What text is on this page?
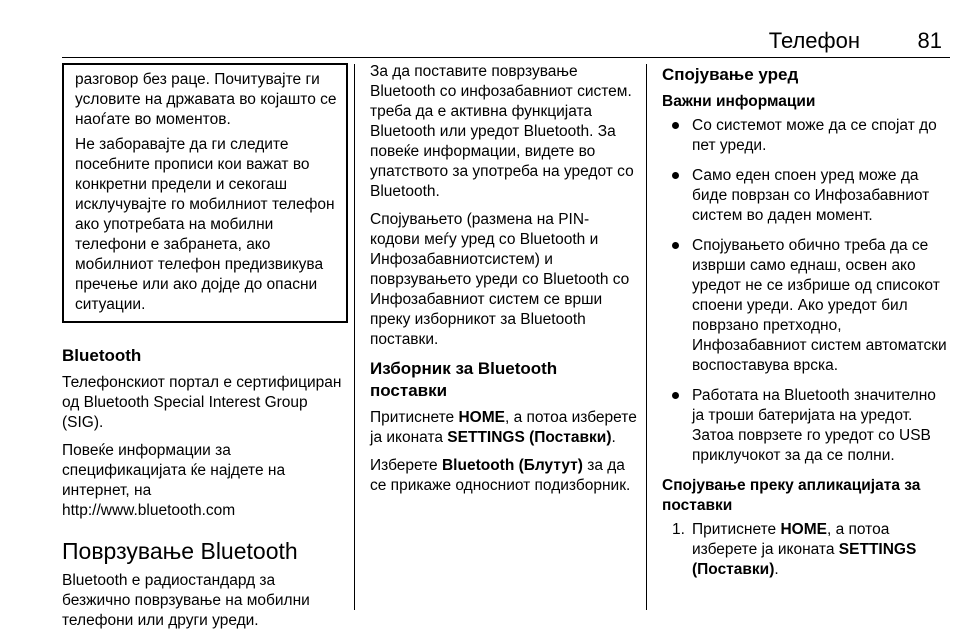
Телефон	81

разговор без раце. Почитувајте ги условите на државата во којашто се наоѓате во моментов.

Не заборавајте да ги следите посебните прописи кои важат во конкретни предели и секогаш исклучувајте го мобилниот телефон ако употребата на мобилни телефони е забранета, ако мобилниот телефон предизвикува пречење или ако дојде до опасни ситуации.

Bluetooth

Телефонскиот портал е сертифициран од Bluetooth Special Interest Group (SIG).

Повеќе информации за спецификацијата ќе најдете на интернет, на

http://www.bluetooth.com

Поврзување Bluetooth

Bluetooth е радиостандард за безжично поврзување на мобилни телефони или други уреди.

За да поставите поврзување Bluetooth со инфозабавниот систем. треба да е активна функцијата Bluetooth или уредот Bluetooth. За повеќе информации, видете во упатството за употреба на уредот со Bluetooth.

Спојувањето (размена на PIN-кодови меѓу уред со Bluetooth и Инфозабавниотсистем) и поврзувањето уреди со Bluetooth со Инфозабавниот систем се врши преку изборникот за Bluetooth поставки.

Изборник за Bluetooth поставки

Притиснете HOME, а потоа изберете ја иконата SETTINGS (Поставки).

Изберете Bluetooth (Блутут) за да се прикаже односниот подизборник.

Спојување уред
Важни информации
Со системот може да се спојат до пет уреди.
Само еден споен уред може да биде поврзан со Инфозабавниот систем во даден момент.
Спојувањето обично треба да се изврши само еднаш, освен ако уредот не се избрише од списокот споени уреди. Ако уредот бил поврзано претходно, Инфозабавниот систем автоматски воспоставува врска.
Работата на Bluetooth значително ја троши батеријата на уредот. Затоа поврзете го уредот со USB приклучокот за да се полни.
Спојување преку апликацијата за поставки
1. Притиснете HOME, а потоа изберете ја иконата SETTINGS (Поставки).
